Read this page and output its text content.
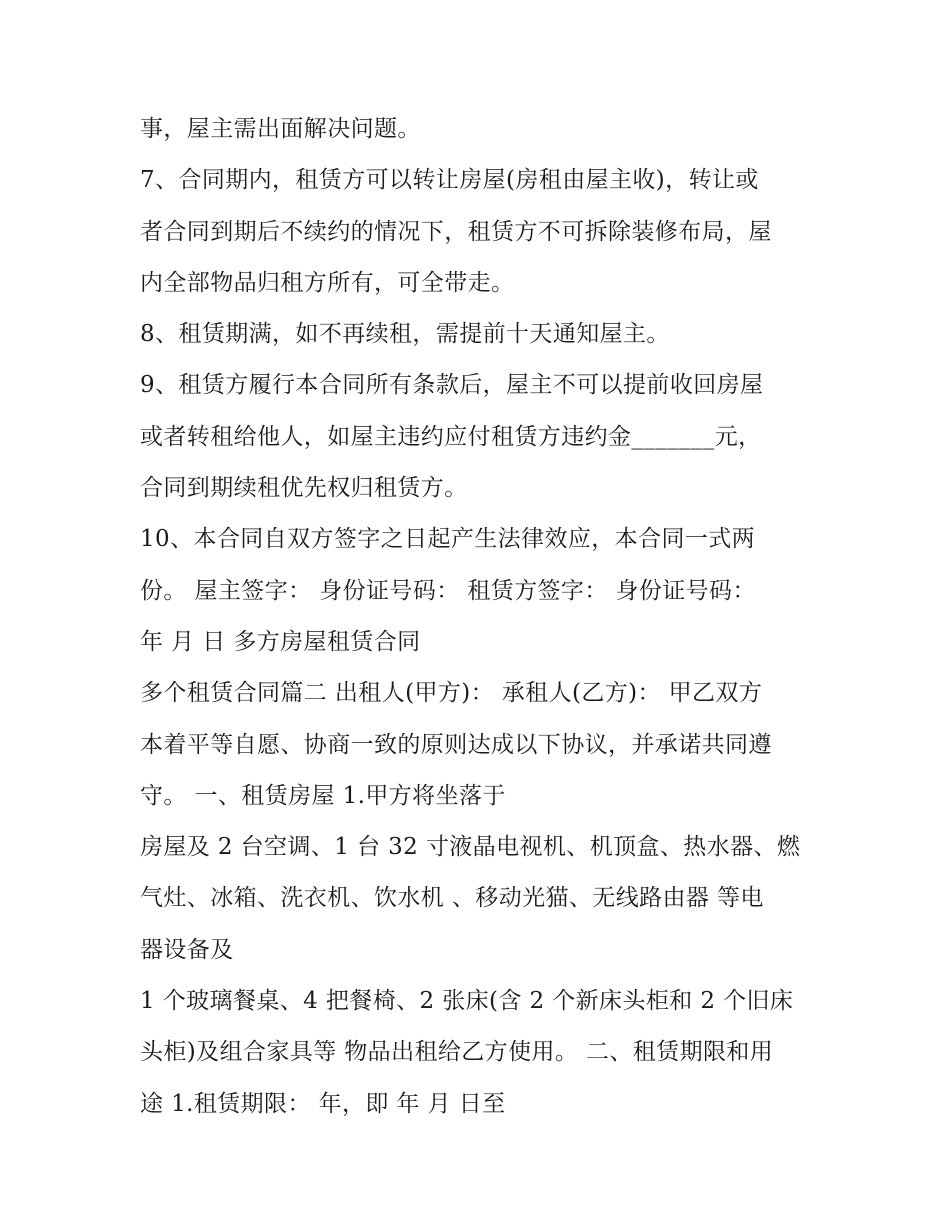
事，屋主需出面解决问题。
7、合同期内，租赁方可以转让房屋(房租由屋主收)，转让或
者合同到期后不续约的情况下，租赁方不可拆除装修布局，屋
内全部物品归租方所有，可全带走。
8、租赁期满，如不再续租，需提前十天通知屋主。
9、租赁方履行本合同所有条款后，屋主不可以提前收回房屋
或者转租给他人，如屋主违约应付租赁方违约金_______元，
合同到期续租优先权归租赁方。
10、本合同自双方签字之日起产生法律效应，本合同一式两
份。 屋主签字： 身份证号码： 租赁方签字： 身份证号码：
年 月 日 多方房屋租赁合同
多个租赁合同篇二 出租人(甲方)： 承租人(乙方)： 甲乙双方
本着平等自愿、协商一致的原则达成以下协议，并承诺共同遵
守。 一、租赁房屋 1.甲方将坐落于
房屋及 2 台空调、1 台 32 寸液晶电视机、机顶盒、热水器、燃
气灶、冰箱、洗衣机、饮水机 、移动光猫、无线路由器 等电
器设备及
1 个玻璃餐桌、4 把餐椅、2 张床(含 2 个新床头柜和 2 个旧床
头柜)及组合家具等 物品出租给乙方使用。 二、租赁期限和用
途 1.租赁期限： 年，即 年 月 日至
